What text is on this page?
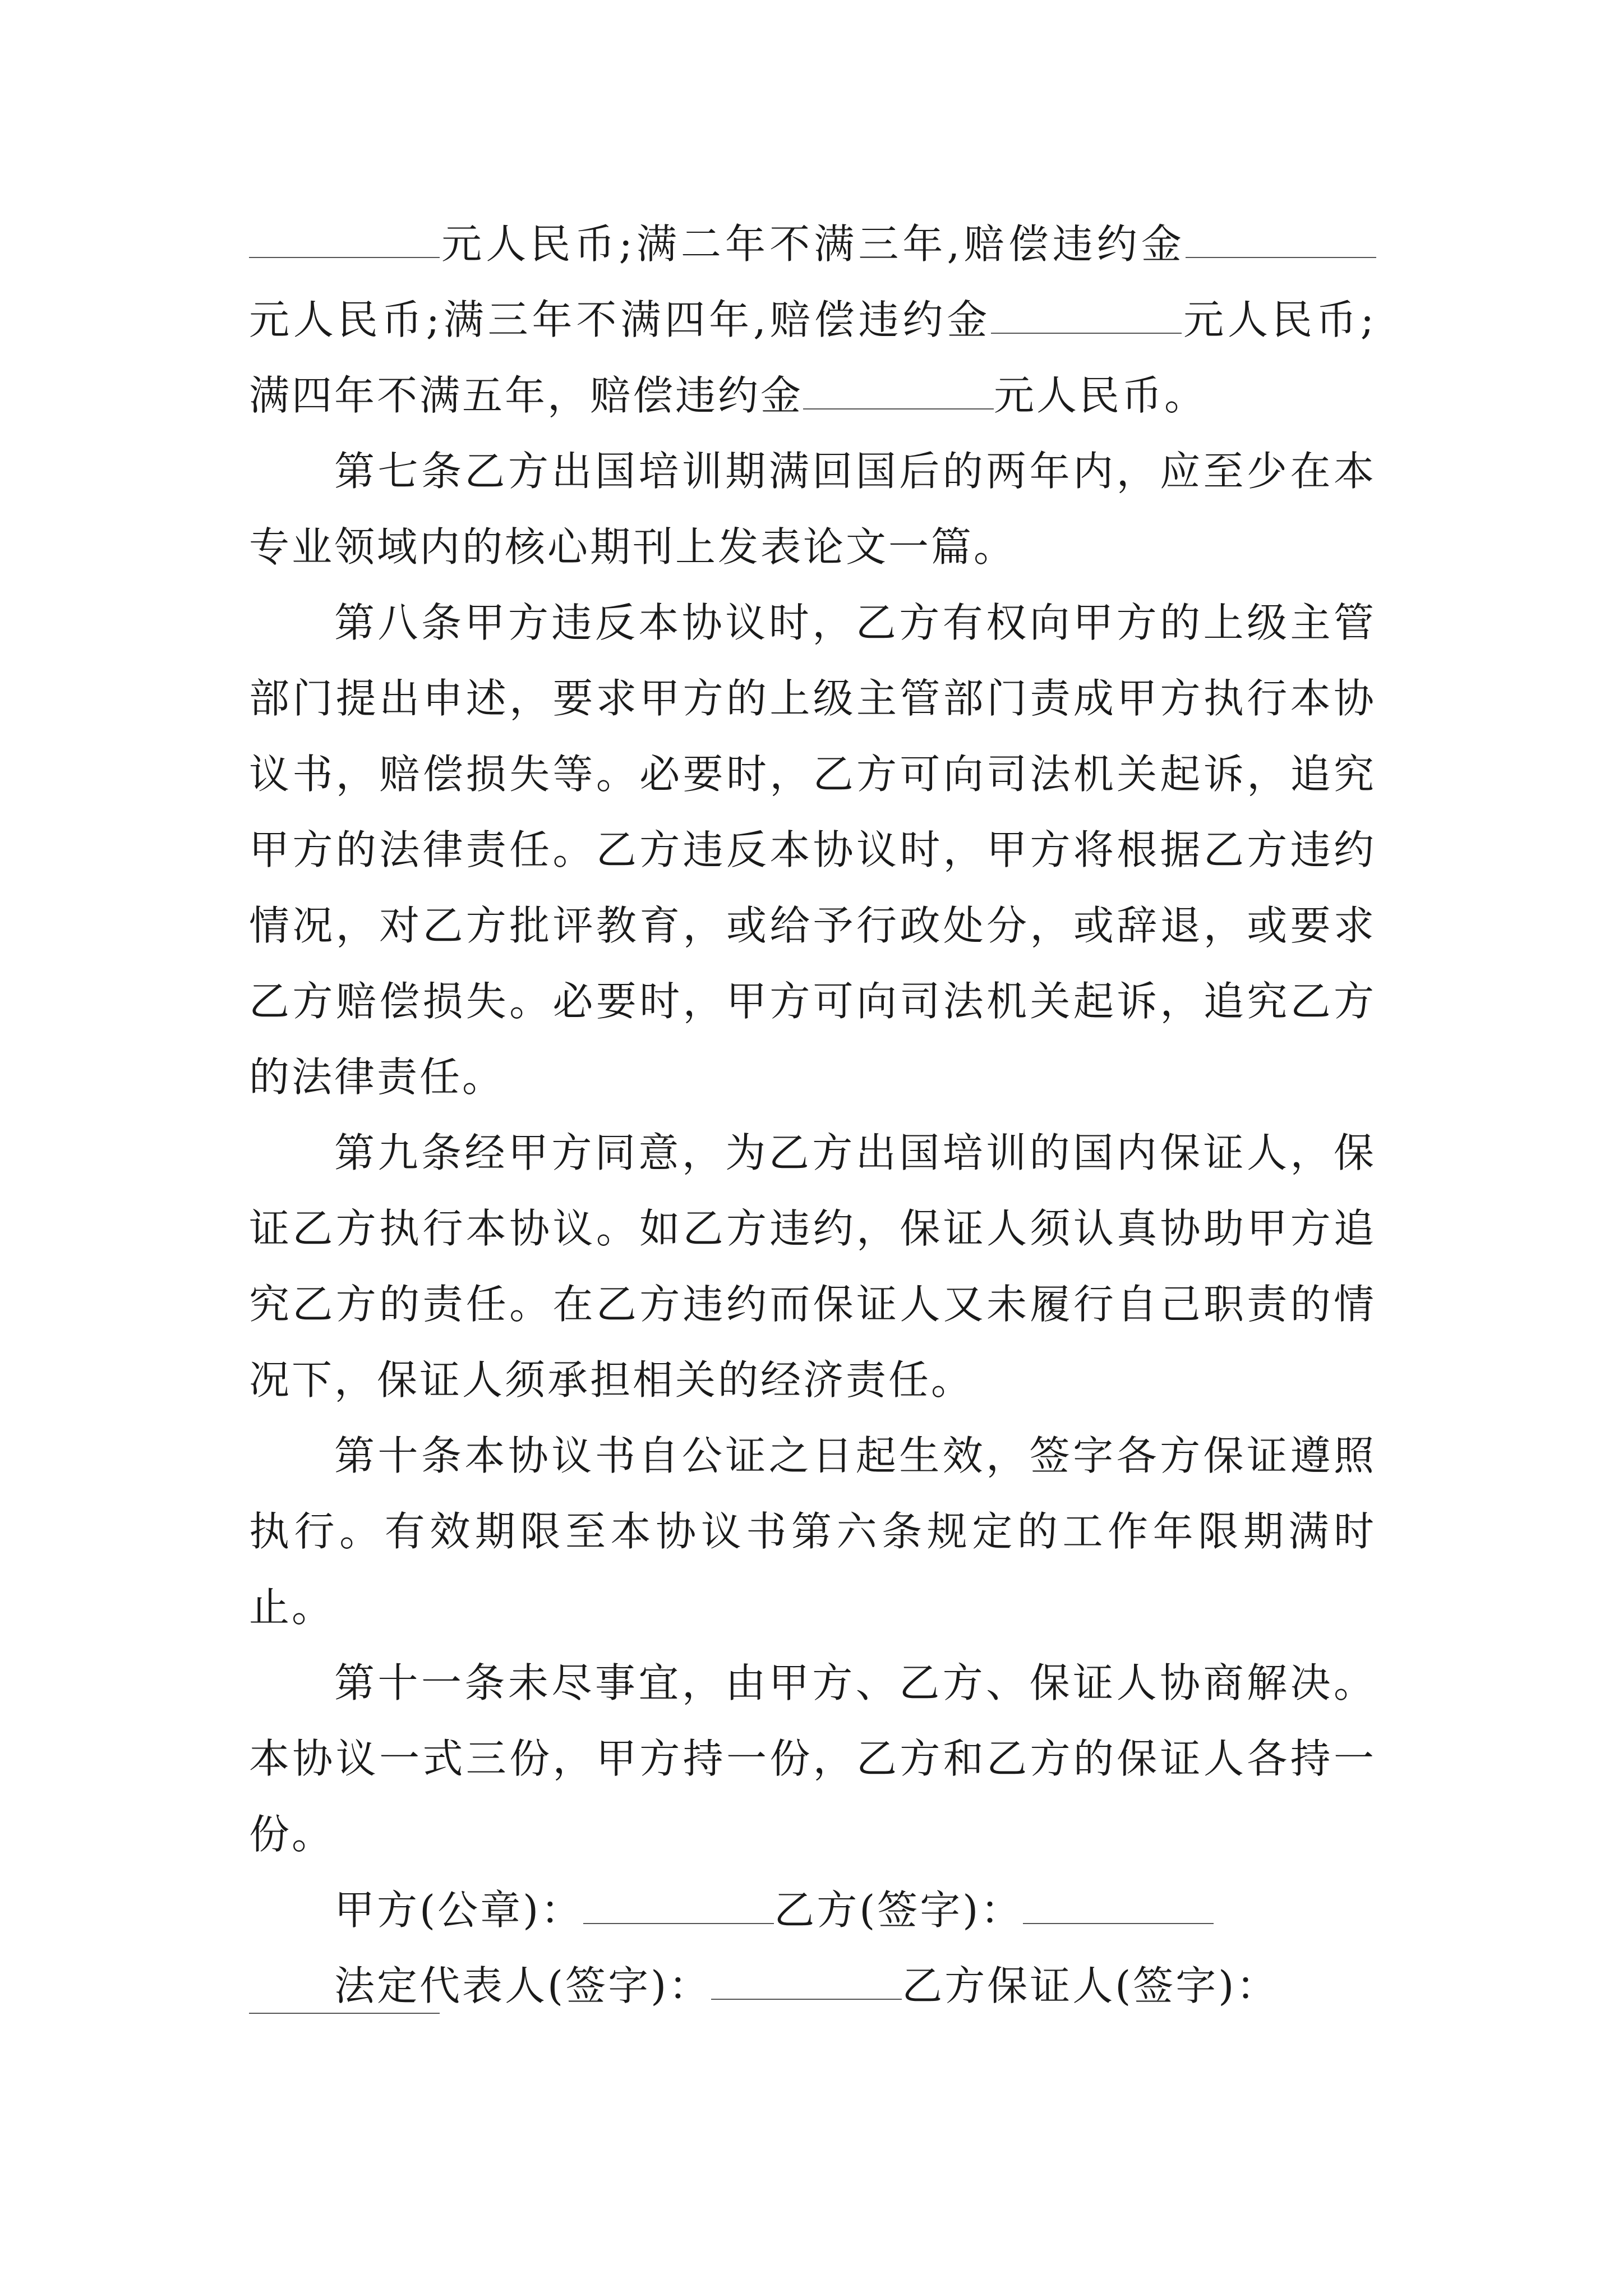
元人民币;满二年不满三年,赔偿违约金元人民币;满三年不满四年,赔偿违约金	元人民币;满四年不满五年，赔偿违约金	元人民币。

第七条乙方出国培训期满回国后的两年内，应至少在本专业领域内的核心期刊上发表论文一篇。

第八条甲方违反本协议时，乙方有权向甲方的上级主管部门提出申述，要求甲方的上级主管部门责成甲方执行本协议书，赔偿损失等。必要时，乙方可向司法机关起诉，追究甲方的法律责任。乙方违反本协议时，甲方将根据乙方违约情况，对乙方批评教育，或给予行政处分，或辞退，或要求乙方赔偿损失。必要时，甲方可向司法机关起诉，追究乙方的法律责任。

第九条经甲方同意，为乙方出国培训的国内保证人，保证乙方执行本协议。如乙方违约，保证人须认真协助甲方追究乙方的责任。在乙方违约而保证人又未履行自己职责的情况下，保证人须承担相关的经济责任。

第十条本协议书自公证之日起生效，签字各方保证遵照执行。有效期限至本协议书第六条规定的工作年限期满时止。

第十一条未尽事宜，由甲方、乙方、保证人协商解决。本协议一式三份，甲方持一份，乙方和乙方的保证人各持一份。

甲方(公章)：	乙方(签字)：

法定代表人(签字)：	乙方保证人(签字)：
